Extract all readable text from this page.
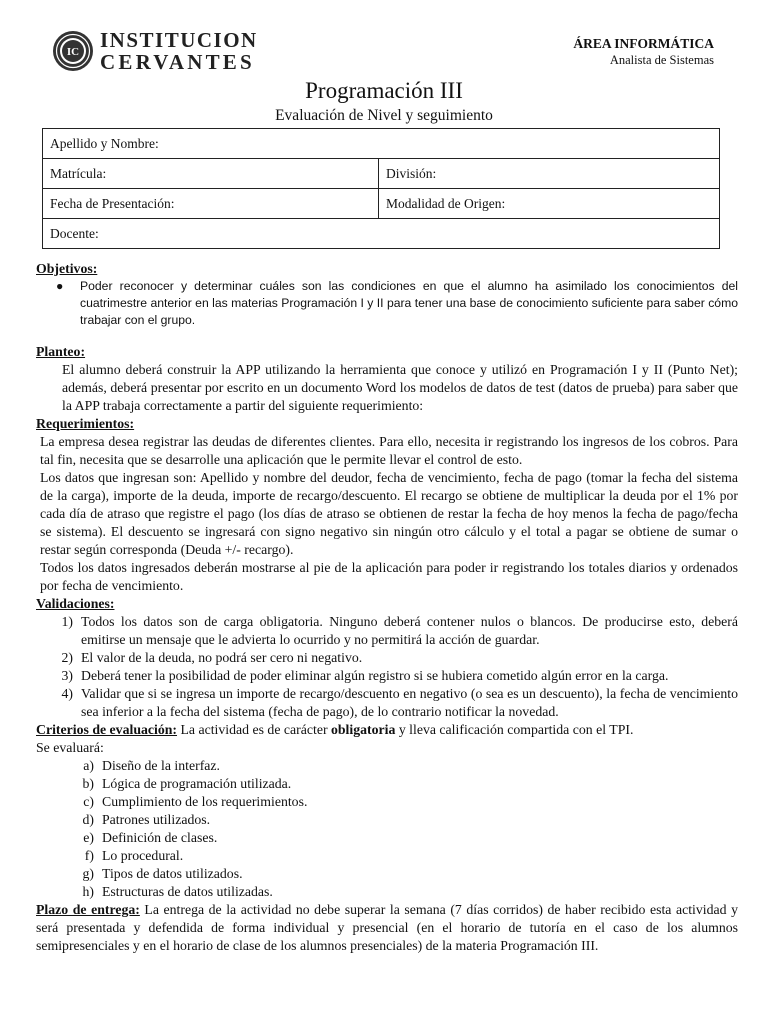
IC INSTITUCION
CERVANTES
ÁREA INFORMÁTICA
Analista de Sistemas
Programación III
Evaluación de Nivel y seguimiento
Apellido y Nombre:	
Matrícula:	División:
Fecha de Presentación:	Modalidad de Origen:
Docente:	
Objetivos:
●	Poder reconocer y determinar cuáles son las condiciones en que el alumno ha asimilado los conocimientos del cuatrimestre anterior en las materias Programación I y II para tener una base de conocimiento suficiente para saber cómo trabajar con el grupo.
Planteo:
El alumno deberá construir la APP utilizando la herramienta que conoce y utilizó en Programación I y II (Punto Net); además, deberá presentar por escrito en un documento Word los modelos de datos de test (datos de prueba) para saber que la APP trabaja correctamente a partir del siguiente requerimiento:
Requerimientos:
La empresa desea registrar las deudas de diferentes clientes. Para ello, necesita ir registrando los ingresos de los cobros. Para tal fin, necesita que se desarrolle una aplicación que le permite llevar el control de esto.
Los datos que ingresan son: Apellido y nombre del deudor, fecha de vencimiento, fecha de pago (tomar la fecha del sistema de la carga), importe de la deuda, importe de recargo/descuento. El recargo se obtiene de multiplicar la deuda por el 1% por cada día de atraso que registre el pago (los días de atraso se obtienen de restar la fecha de hoy menos la fecha de pago/fecha se sistema). El descuento se ingresará con signo negativo sin ningún otro cálculo y el total a pagar se obtiene de sumar o restar según corresponda (Deuda +/- recargo).
Todos los datos ingresados deberán mostrarse al pie de la aplicación para poder ir registrando los totales diarios y ordenados por fecha de vencimiento.
Validaciones:
1) Todos los datos son de carga obligatoria. Ninguno deberá contener nulos o blancos. De producirse esto, deberá emitirse un mensaje que le advierta lo ocurrido y no permitirá la acción de guardar.
2) El valor de la deuda, no podrá ser cero ni negativo.
3) Deberá tener la posibilidad de poder eliminar algún registro si se hubiera cometido algún error en la carga.
4) Validar que si se ingresa un importe de recargo/descuento en negativo (o sea es un descuento), la fecha de vencimiento sea inferior a la fecha del sistema (fecha de pago), de lo contrario notificar la novedad.
Criterios de evaluación: La actividad es de carácter obligatoria y lleva calificación compartida con el TPI.
Se evaluará:
a) Diseño de la interfaz.
b) Lógica de programación utilizada.
c) Cumplimiento de los requerimientos.
d) Patrones utilizados.
e) Definición de clases.
f) Lo procedural.
g) Tipos de datos utilizados.
h) Estructuras de datos utilizadas.
Plazo de entrega: La entrega de la actividad no debe superar la semana (7 días corridos) de haber recibido esta actividad y será presentada y defendida de forma individual y presencial (en el horario de tutoría en el caso de los alumnos semipresenciales y en el horario de clase de los alumnos presenciales) de la materia Programación III.
